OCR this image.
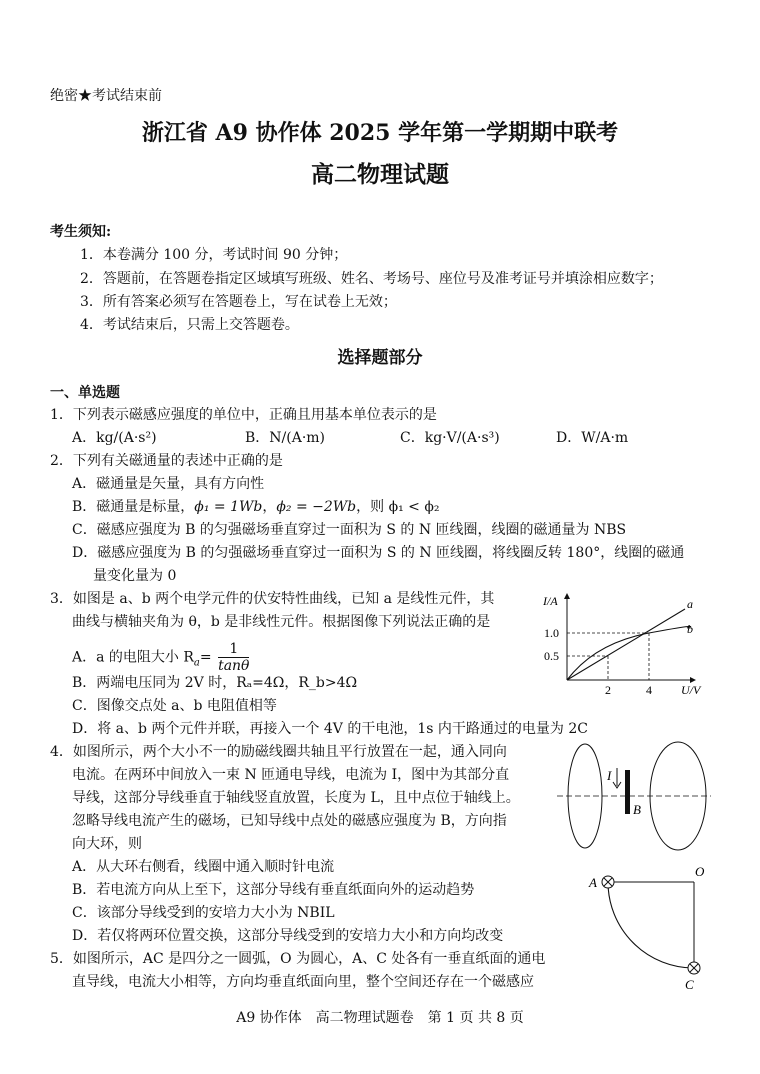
绝密★考试结束前
浙江省 A9 协作体 2025 学年第一学期期中联考
高二物理试题
考生须知:
1．本卷满分 100 分，考试时间 90 分钟；
2．答题前，在答题卷指定区域填写班级、姓名、考场号、座位号及准考证号并填涂相应数字；
3．所有答案必须写在答题卷上，写在试卷上无效；
4．考试结束后，只需上交答题卷。
选择题部分
一、单选题
1．下列表示磁感应强度的单位中，正确且用基本单位表示的是
A．kg/(A·s²)	B．N/(A·m)	C．kg·V/(A·s³)	D．W/A·m
2．下列有关磁通量的表述中正确的是
A．磁通量是矢量，具有方向性
B．磁通量是标量，ϕ₁ = 1Wb，ϕ₂ = −2Wb，则 ϕ₁ < ϕ₂
C．磁感应强度为 B 的匀强磁场垂直穿过一面积为 S 的 N 匝线圈，线圈的磁通量为 NBS
D．磁感应强度为 B 的匀强磁场垂直穿过一面积为 S 的 N 匝线圈，将线圈反转 180°，线圈的磁通
量变化量为 0
3．如图是 a、b 两个电学元件的伏安特性曲线，已知 a 是线性元件，其
曲线与横轴夹角为 θ，b 是非线性元件。根据图像下列说法正确的是
A．a 的电阻大小 $R_a= \frac{1}{\tan\theta}$
B．两端电压同为 2V 时，Rₐ=4Ω，R_b>4Ω
C．图像交点处 a、b 电阻值相等
D．将 a、b 两个元件并联，再接入一个 4V 的干电池，1s 内干路通过的电量为 2C
I/A
U/V
1.0
0.5
2	4
a
b
4．如图所示，两个大小不一的励磁线圈共轴且平行放置在一起，通入同向
电流。在两环中间放入一束 N 匝通电导线，电流为 I，图中为其部分直
导线，这部分导线垂直于轴线竖直放置，长度为 L，且中点位于轴线上。
忽略导线电流产生的磁场，已知导线中点处的磁感应强度为 B，方向指
向大环，则
A．从大环右侧看，线圈中通入顺时针电流
B．若电流方向从上至下，这部分导线有垂直纸面向外的运动趋势
C．该部分导线受到的安培力大小为 NBIL
D．若仅将两环位置交换，这部分导线受到的安培力大小和方向均改变
I
B
5．如图所示，AC 是四分之一圆弧，O 为圆心，A、C 处各有一垂直纸面的通电
直导线，电流大小相等，方向均垂直纸面向里，整个空间还存在一个磁感应
A
O
C
A9 协作体　高二物理试题卷　第 1 页 共 8 页
